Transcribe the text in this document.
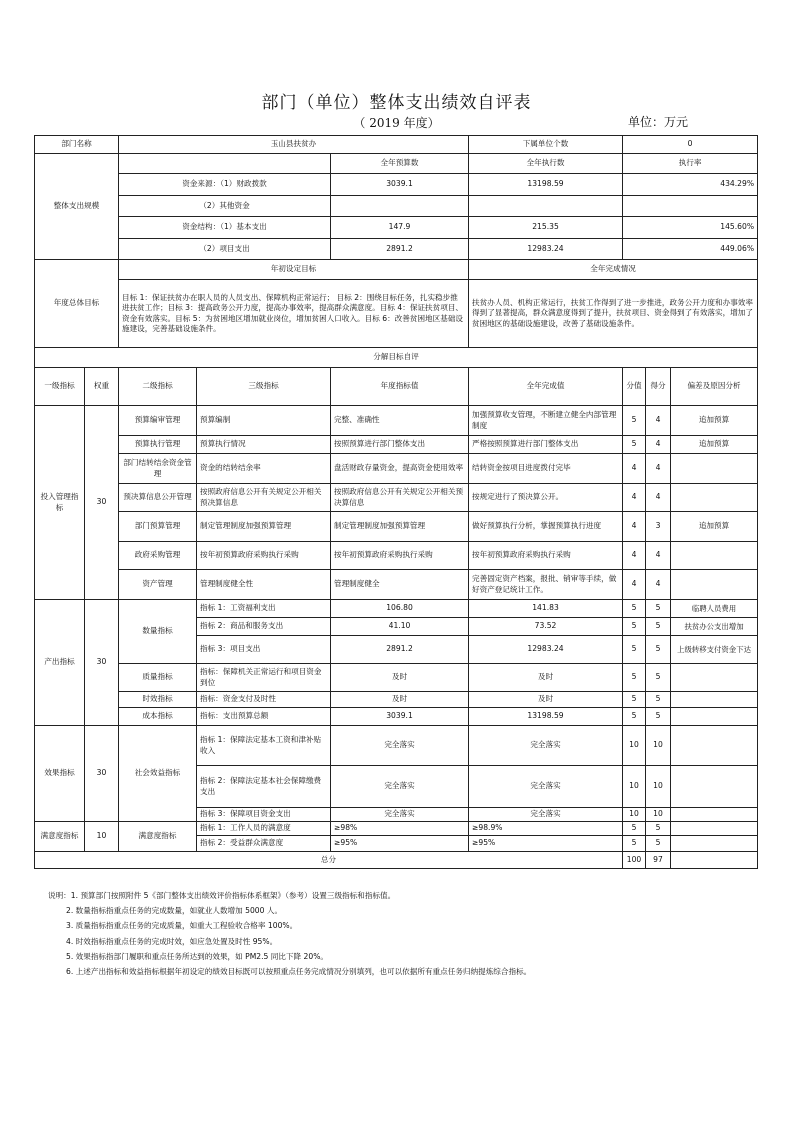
部门（单位）整体支出绩效自评表
（ 2019 年度）	单位：万元
部门名称		玉山县扶贫办			下属单位个数	0		
整体支出规模				全年预算数	全年执行数	执行率		
		资金来源：（1）财政拨款		3039.1	13198.59	434.29%		
		（2）其他资金						
		资金结构：（1）基本支出		147.9	215.35	145.60%		
		（2）项目支出		2891.2	12983.24	449.06%		
年度总体目标		年初设定目标			全年完成情况			
		目标 1：保证扶贫办在职人员的人员支出、保障机构正常运行； 目标 2：围绕目标任务，扎实稳步推进扶贫工作；目标 3：提高政务公开力度，提高办事效率，提高群众满意度。目标 4：保证扶贫项目、资金有效落实。目标 5：为贫困地区增加就业岗位，增加贫困人口收入。目标 6：改善贫困地区基础设施建设，完善基础设施条件。			扶贫办人员、机构正常运行，扶贫工作得到了进一步推进，政务公开力度和办事效率得到了显著提高，群众满意度得到了提升，扶贫项目、资金得到了有效落实，增加了贫困地区的基础设施建设，改善了基础设施条件。			
分解目标自评								
一级指标	权重	二级指标	三级指标	年度指标值	全年完成值	分值	得分	偏差及原因分析
投入管理指标	30	预算编审管理	预算编制	完整、准确性	加强预算收支管理，不断建立健全内部管理制度	5	4	追加预算
		预算执行管理	预算执行情况	按照预算进行部门整体支出	严格按照预算进行部门整体支出	5	4	追加预算
		部门结转结余资金管理	资金的结转结余率	盘活财政存量资金，提高资金使用效率	结转资金按项目进度拨付完毕	4	4	
		预决算信息公开管理	按照政府信息公开有关规定公开相关预决算信息	按照政府信息公开有关规定公开相关预决算信息	按规定进行了预决算公开。	4	4	
		部门预算管理	制定管理制度加强预算管理	制定管理制度加强预算管理	做好预算执行分析，掌握预算执行进度	4	3	追加预算
		政府采购管理	按年初预算政府采购执行采购	按年初预算政府采购执行采购	按年初预算政府采购执行采购	4	4	
		资产管理	管理制度健全性	管理制度健全	完善固定资产档案，报批、销审等手续，做好资产登记统计工作。	4	4	
产出指标	30	数量指标	指标 1：工资福利支出	106.80	141.83	5	5	临聘人员费用
			指标 2：商品和服务支出	41.10	73.52	5	5	扶贫办公支出增加
			指标 3：项目支出	2891.2	12983.24	5	5	上级转移支付资金下达
		质量指标	指标：保障机关正常运行和项目资金到位	及时	及时	5	5	
		时效指标	指标：资金支付及时性	及时	及时	5	5	
		成本指标	指标：支出预算总额	3039.1	13198.59	5	5	
效果指标	30	社会效益指标	指标 1：保障法定基本工资和津补贴收入	完全落实	完全落实	10	10	
			指标 2：保障法定基本社会保障缴费支出	完全落实	完全落实	10	10	
			指标 3：保障项目资金支出	完全落实	完全落实	10	10	
满意度指标	10	满意度指标	指标 1：工作人员的满意度	≥98%	≥98.9%	5	5	
			指标 2：受益群众满意度	≥95%	≥95%	5	5	
总分						100	97	
说明：1. 预算部门按照附件 5《部门整体支出绩效评价指标体系框架》（参考）设置三级指标和指标值。
2. 数量指标指重点任务的完成数量，如就业人数增加 5000 人。
3. 质量指标指重点任务的完成质量，如重大工程验收合格率 100%。
4. 时效指标指重点任务的完成时效，如应急处置及时性 95%。
5. 效果指标指部门履职和重点任务所达到的效果，如 PM2.5 同比下降 20%。
6. 上述产出指标和效益指标根据年初设定的绩效目标既可以按照重点任务完成情况分别填列，也可以依据所有重点任务归纳提炼综合指标。
